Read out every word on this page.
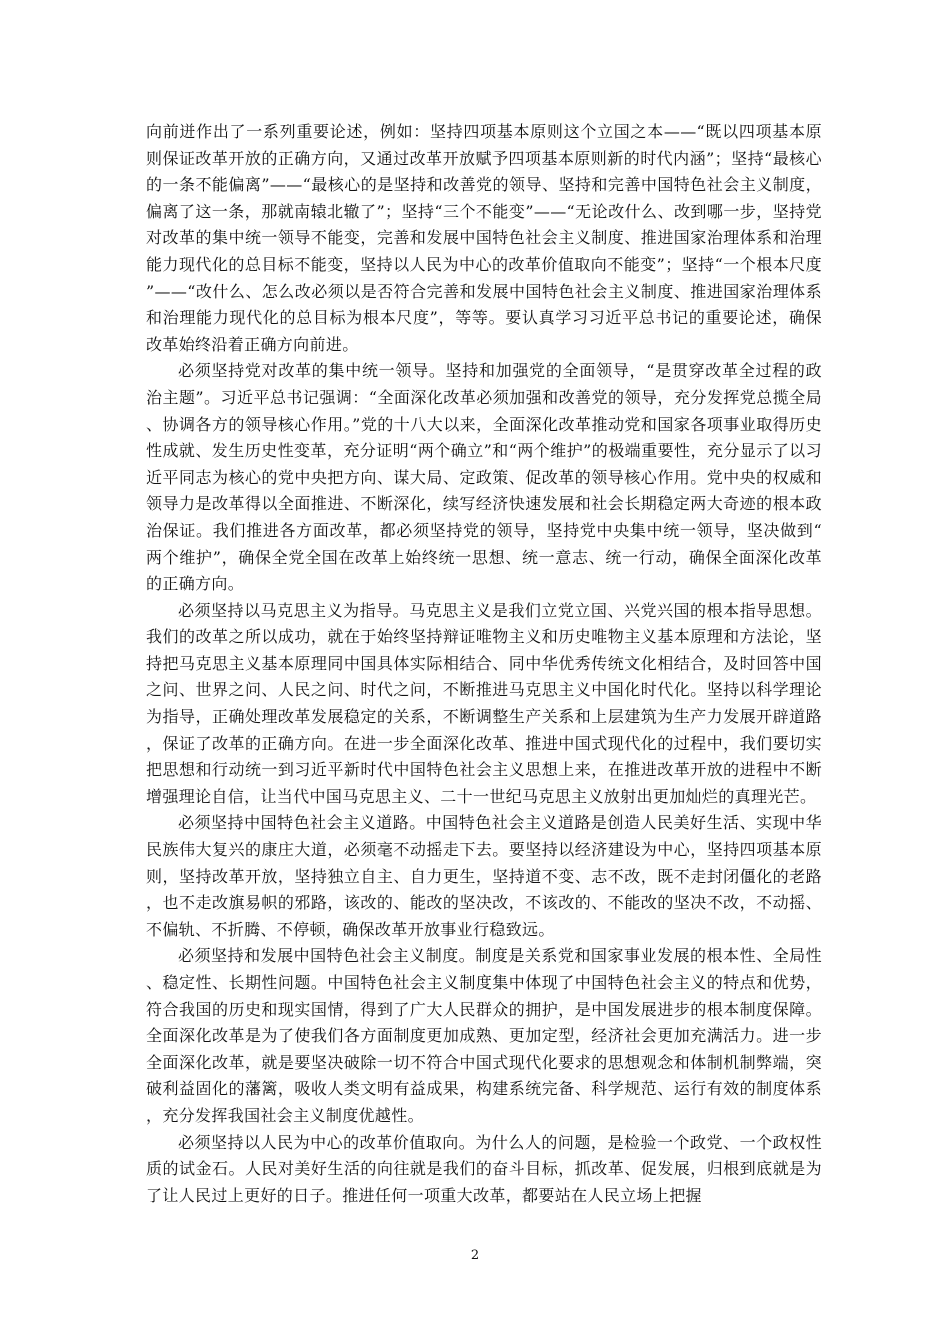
向前迸作出了一系列重要论述，例如：坚持四项基本原则这个立国之本——“既以四项基本原则保证改革开放的正确方向，又通过改革开放赋予四项基本原则新的时代内涵”；坚持“最核心的一条不能偏离”——“最核心的是坚持和改善党的领导、坚持和完善中国特色社会主义制度，偏离了这一条，那就南辕北辙了”；坚持“三个不能变”——“无论改什么、改到哪一步，坚持党对改革的集中统一领导不能变，完善和发展中国特色社会主义制度、推进国家治理体系和治理能力现代化的总目标不能变，坚持以人民为中心的改革价值取向不能变”；坚持“一个根本尺度”——“改什么、怎么改必须以是否符合完善和发展中国特色社会主义制度、推进国家治理体系和治理能力现代化的总目标为根本尺度”，等等。要认真学习习近平总书记的重要论述，确保改革始终沿着正确方向前进。

必须坚持党对改革的集中统一领导。坚持和加强党的全面领导，“是贯穿改革全过程的政治主题”。习近平总书记强调：“全面深化改革必须加强和改善党的领导，充分发挥党总揽全局、协调各方的领导核心作用。”党的十八大以来，全面深化改革推动党和国家各项事业取得历史性成就、发生历史性变革，充分证明“两个确立”和“两个维护”的极端重要性，充分显示了以习近平同志为核心的党中央把方向、谋大局、定政策、促改革的领导核心作用。党中央的权威和领导力是改革得以全面推进、不断深化，续写经济快速发展和社会长期稳定两大奇迹的根本政治保证。我们推进各方面改革，都必须坚持党的领导，坚持党中央集中统一领导，坚决做到“两个维护”，确保全党全国在改革上始终统一思想、统一意志、统一行动，确保全面深化改革的正确方向。

必须坚持以马克思主义为指导。马克思主义是我们立党立国、兴党兴国的根本指导思想。我们的改革之所以成功，就在于始终坚持辩证唯物主义和历史唯物主义基本原理和方法论，坚持把马克思主义基本原理同中国具体实际相结合、同中华优秀传统文化相结合，及时回答中国之问、世界之问、人民之问、时代之问，不断推进马克思主义中国化时代化。坚持以科学理论为指导，正确处理改革发展稳定的关系，不断调整生产关系和上层建筑为生产力发展开辟道路，保证了改革的正确方向。在进一步全面深化改革、推进中国式现代化的过程中，我们要切实把思想和行动统一到习近平新时代中国特色社会主义思想上来，在推进改革开放的进程中不断增强理论自信，让当代中国马克思主义、二十一世纪马克思主义放射出更加灿烂的真理光芒。

必须坚持中国特色社会主义道路。中国特色社会主义道路是创造人民美好生活、实现中华民族伟大复兴的康庄大道，必须毫不动摇走下去。要坚持以经济建设为中心，坚持四项基本原则，坚持改革开放，坚持独立自主、自力更生，坚持道不变、志不改，既不走封闭僵化的老路，也不走改旗易帜的邪路，该改的、能改的坚决改，不该改的、不能改的坚决不改，不动摇、不偏轨、不折腾、不停顿，确保改革开放事业行稳致远。

必须坚持和发展中国特色社会主义制度。制度是关系党和国家事业发展的根本性、全局性、稳定性、长期性问题。中国特色社会主义制度集中体现了中国特色社会主义的特点和优势，符合我国的历史和现实国情，得到了广大人民群众的拥护，是中国发展进步的根本制度保障。全面深化改革是为了使我们各方面制度更加成熟、更加定型，经济社会更加充满活力。进一步全面深化改革，就是要坚决破除一切不符合中国式现代化要求的思想观念和体制机制弊端，突破利益固化的藩篱，吸收人类文明有益成果，构建系统完备、科学规范、运行有效的制度体系，充分发挥我国社会主义制度优越性。

必须坚持以人民为中心的改革价值取向。为什么人的问题，是检验一个政党、一个政权性质的试金石。人民对美好生活的向往就是我们的奋斗目标，抓改革、促发展，归根到底就是为了让人民过上更好的日子。推进任何一项重大改革，都要站在人民立场上把握

2
